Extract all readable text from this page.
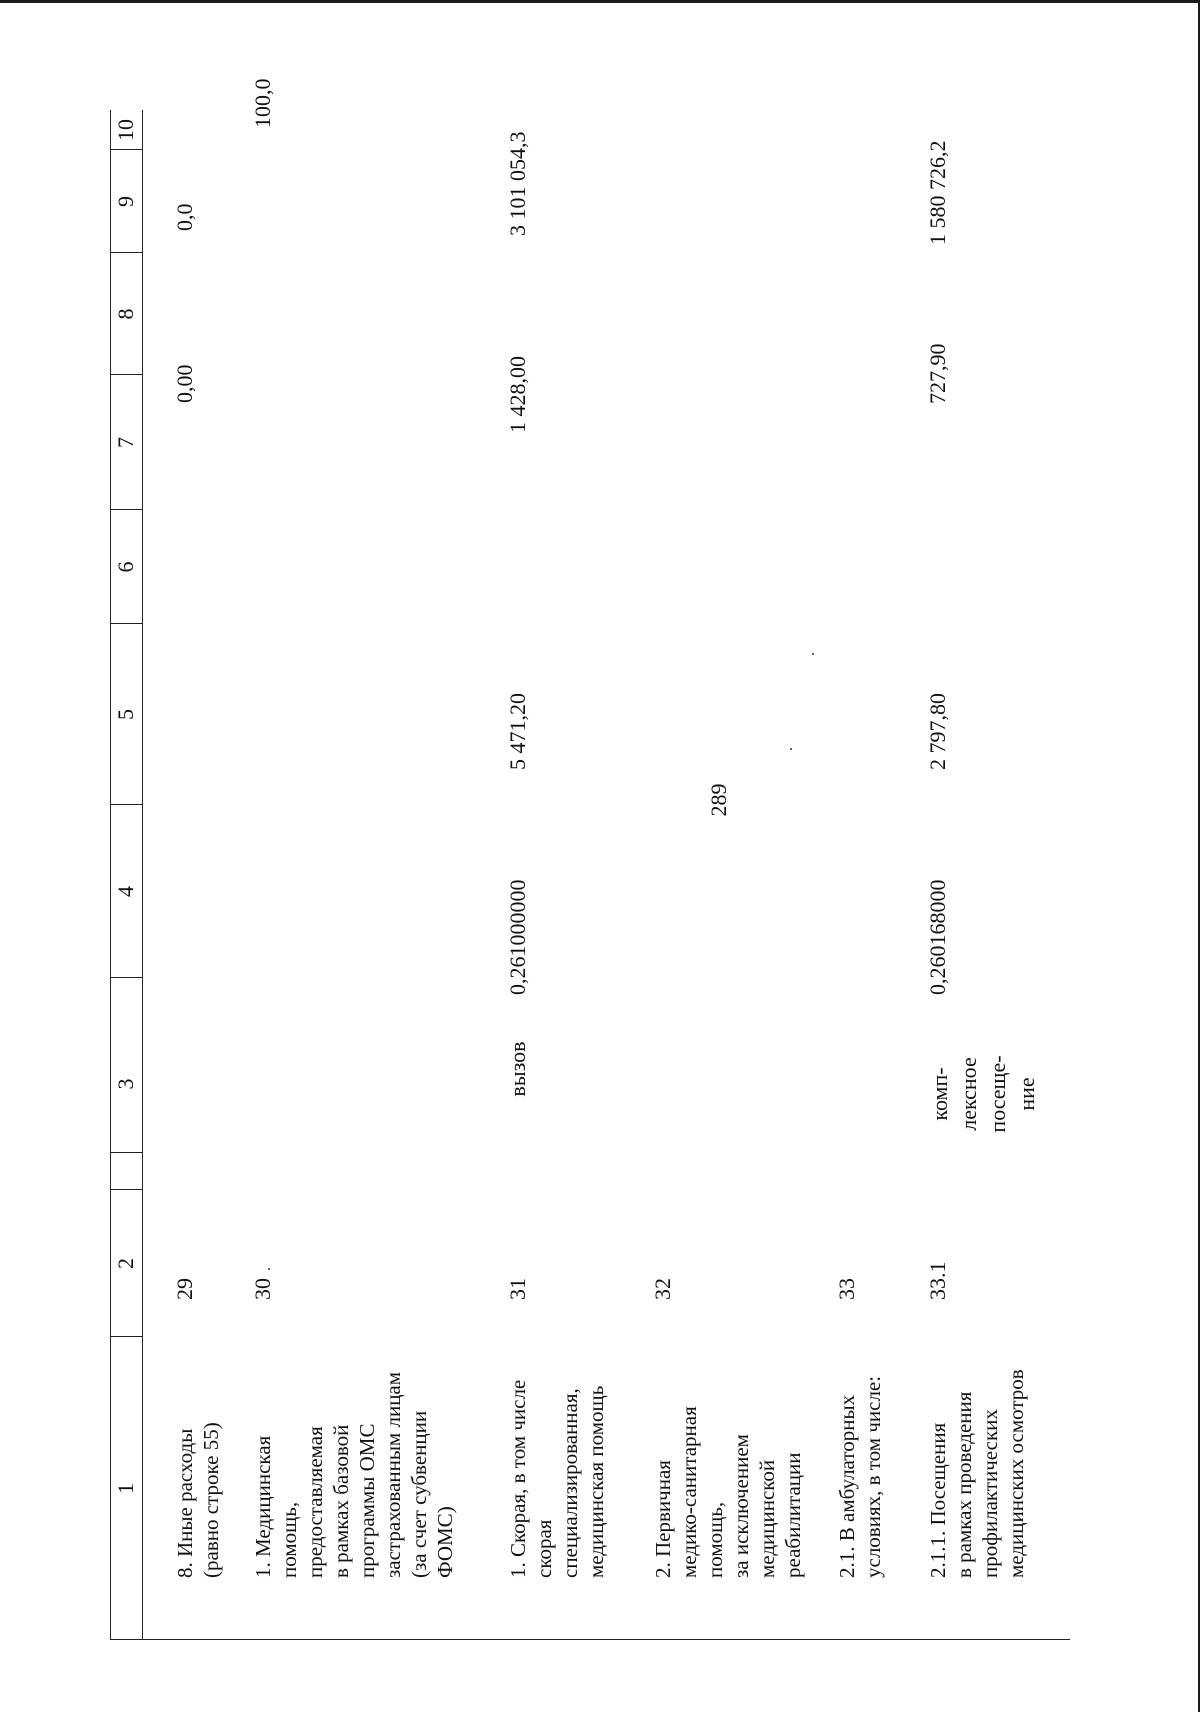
289
1
2
3
4
5
6
7
8
9
10
8. Иные расходы (равно строке 55)
29
0,00
0,0
1. Медицинская помощь, предоставляемая в рамках базовой программы ОМС застрахованным лицам (за счет субвенции ФОМС)
30
100,0
1. Скорая, в том числе скорая специализированная, медицинская помощь
31
вызов
0,261000000
5 471,20
1 428,00
3 101 054,3
2. Первичная медико-санитарная помощь, за исключением медицинской реабилитации
32
2.1. В амбулаторных условиях, в том числе:
33
2.1.1. Посещения в рамках проведения профилактических медицинских осмотров
33.1
комп- лексное посеще- ние
0,260168000
2 797,80
727,90
1 580 726,2
